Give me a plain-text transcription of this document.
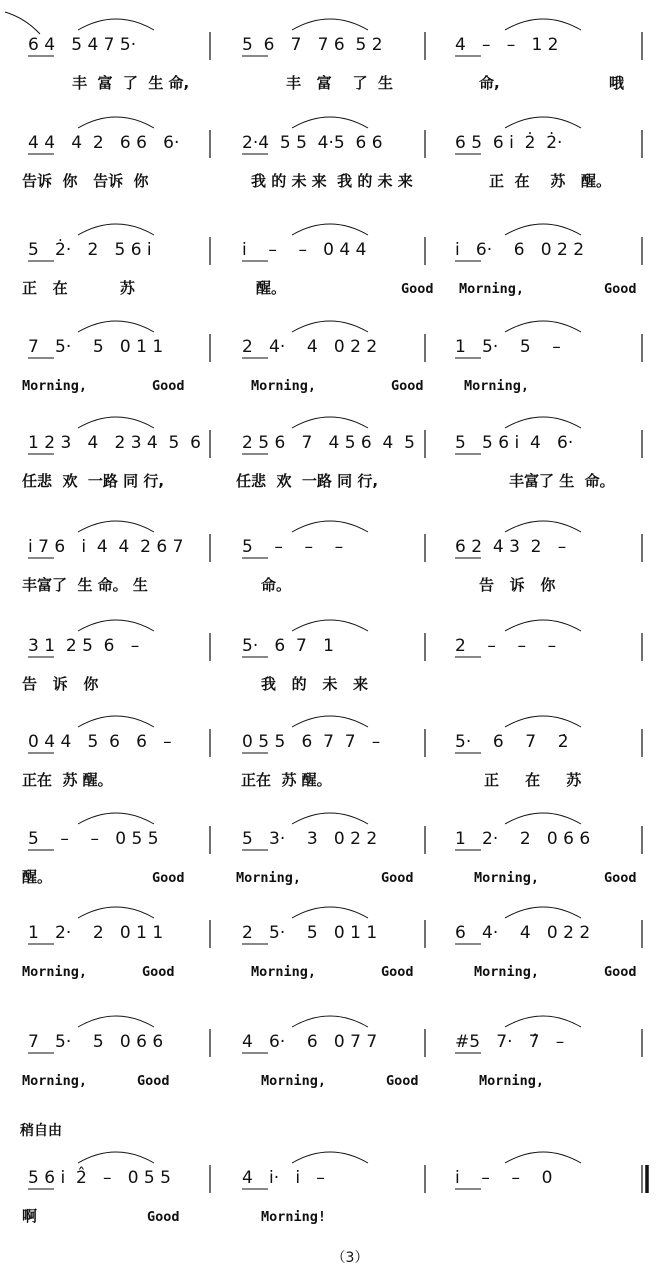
6 4   5 4 7 5·
丰  富  了  生 命,
5  6   7   7 6  5 2
丰   富    了  生
4   –   –   1 2
命,	哦
4 4   4  2   6 6   6·
告诉  你   告诉  你
2·4  5 5  4·5  6 6
我 的 未 来  我 的 未 来
6 5  6 i  2̇  2̇·
正  在    苏   醒。
5   2̇·   2   5 6 i
正   在          苏
i    –    –   0 4 4
醒。	Good
i   6·    6   0 2 2
Morning,	Good
7   5·    5   0 1 1
Morning,	Good
2   4·    4   0 2 2
Morning,	Good
1   5·    5    –
Morning,
1 2 3   4   2 3 4  5  6
任悲  欢  一路 同 行,
2 5 6   7   4 5 6  4  5
任悲  欢  一路 同 行,
5   5 6 i  4   6·
丰富了 生  命。
i 7 6   i  4  4  2 6 7
丰富了  生 命。 生
5    –    –    –
命。
6 2  4 3  2   –
告   诉   你
3 1  2 5  6   –
告   诉   你
5·   6  7   1
我   的   未   来
2    –    –    –
0 4 4   5  6   6   –
正在  苏 醒。
0 5 5   6  7  7   –
正在  苏 醒。
5·    6    7    2̇
正     在     苏
5    –    –   0 5 5
醒。	Good
5   3·    3   0 2 2
Morning,	Good
1   2·    2   0 6 6
Morning,	Good
1   2·    2   0 1 1
Morning,	Good
2   5·    5   0 1 1
Morning,	Good
6   4·    4   0 2 2
Morning,	Good
7   5·    5   0 6 6
Morning,	Good
4   6·    6   0 7 7
Morning,	Good
#5   7·   7̂   –
Morning,
5 6 i  2̂   –   0 5 5
啊	Good
4   i·   i   –
Morning!
i    –    –    0
稍自由
（3）
